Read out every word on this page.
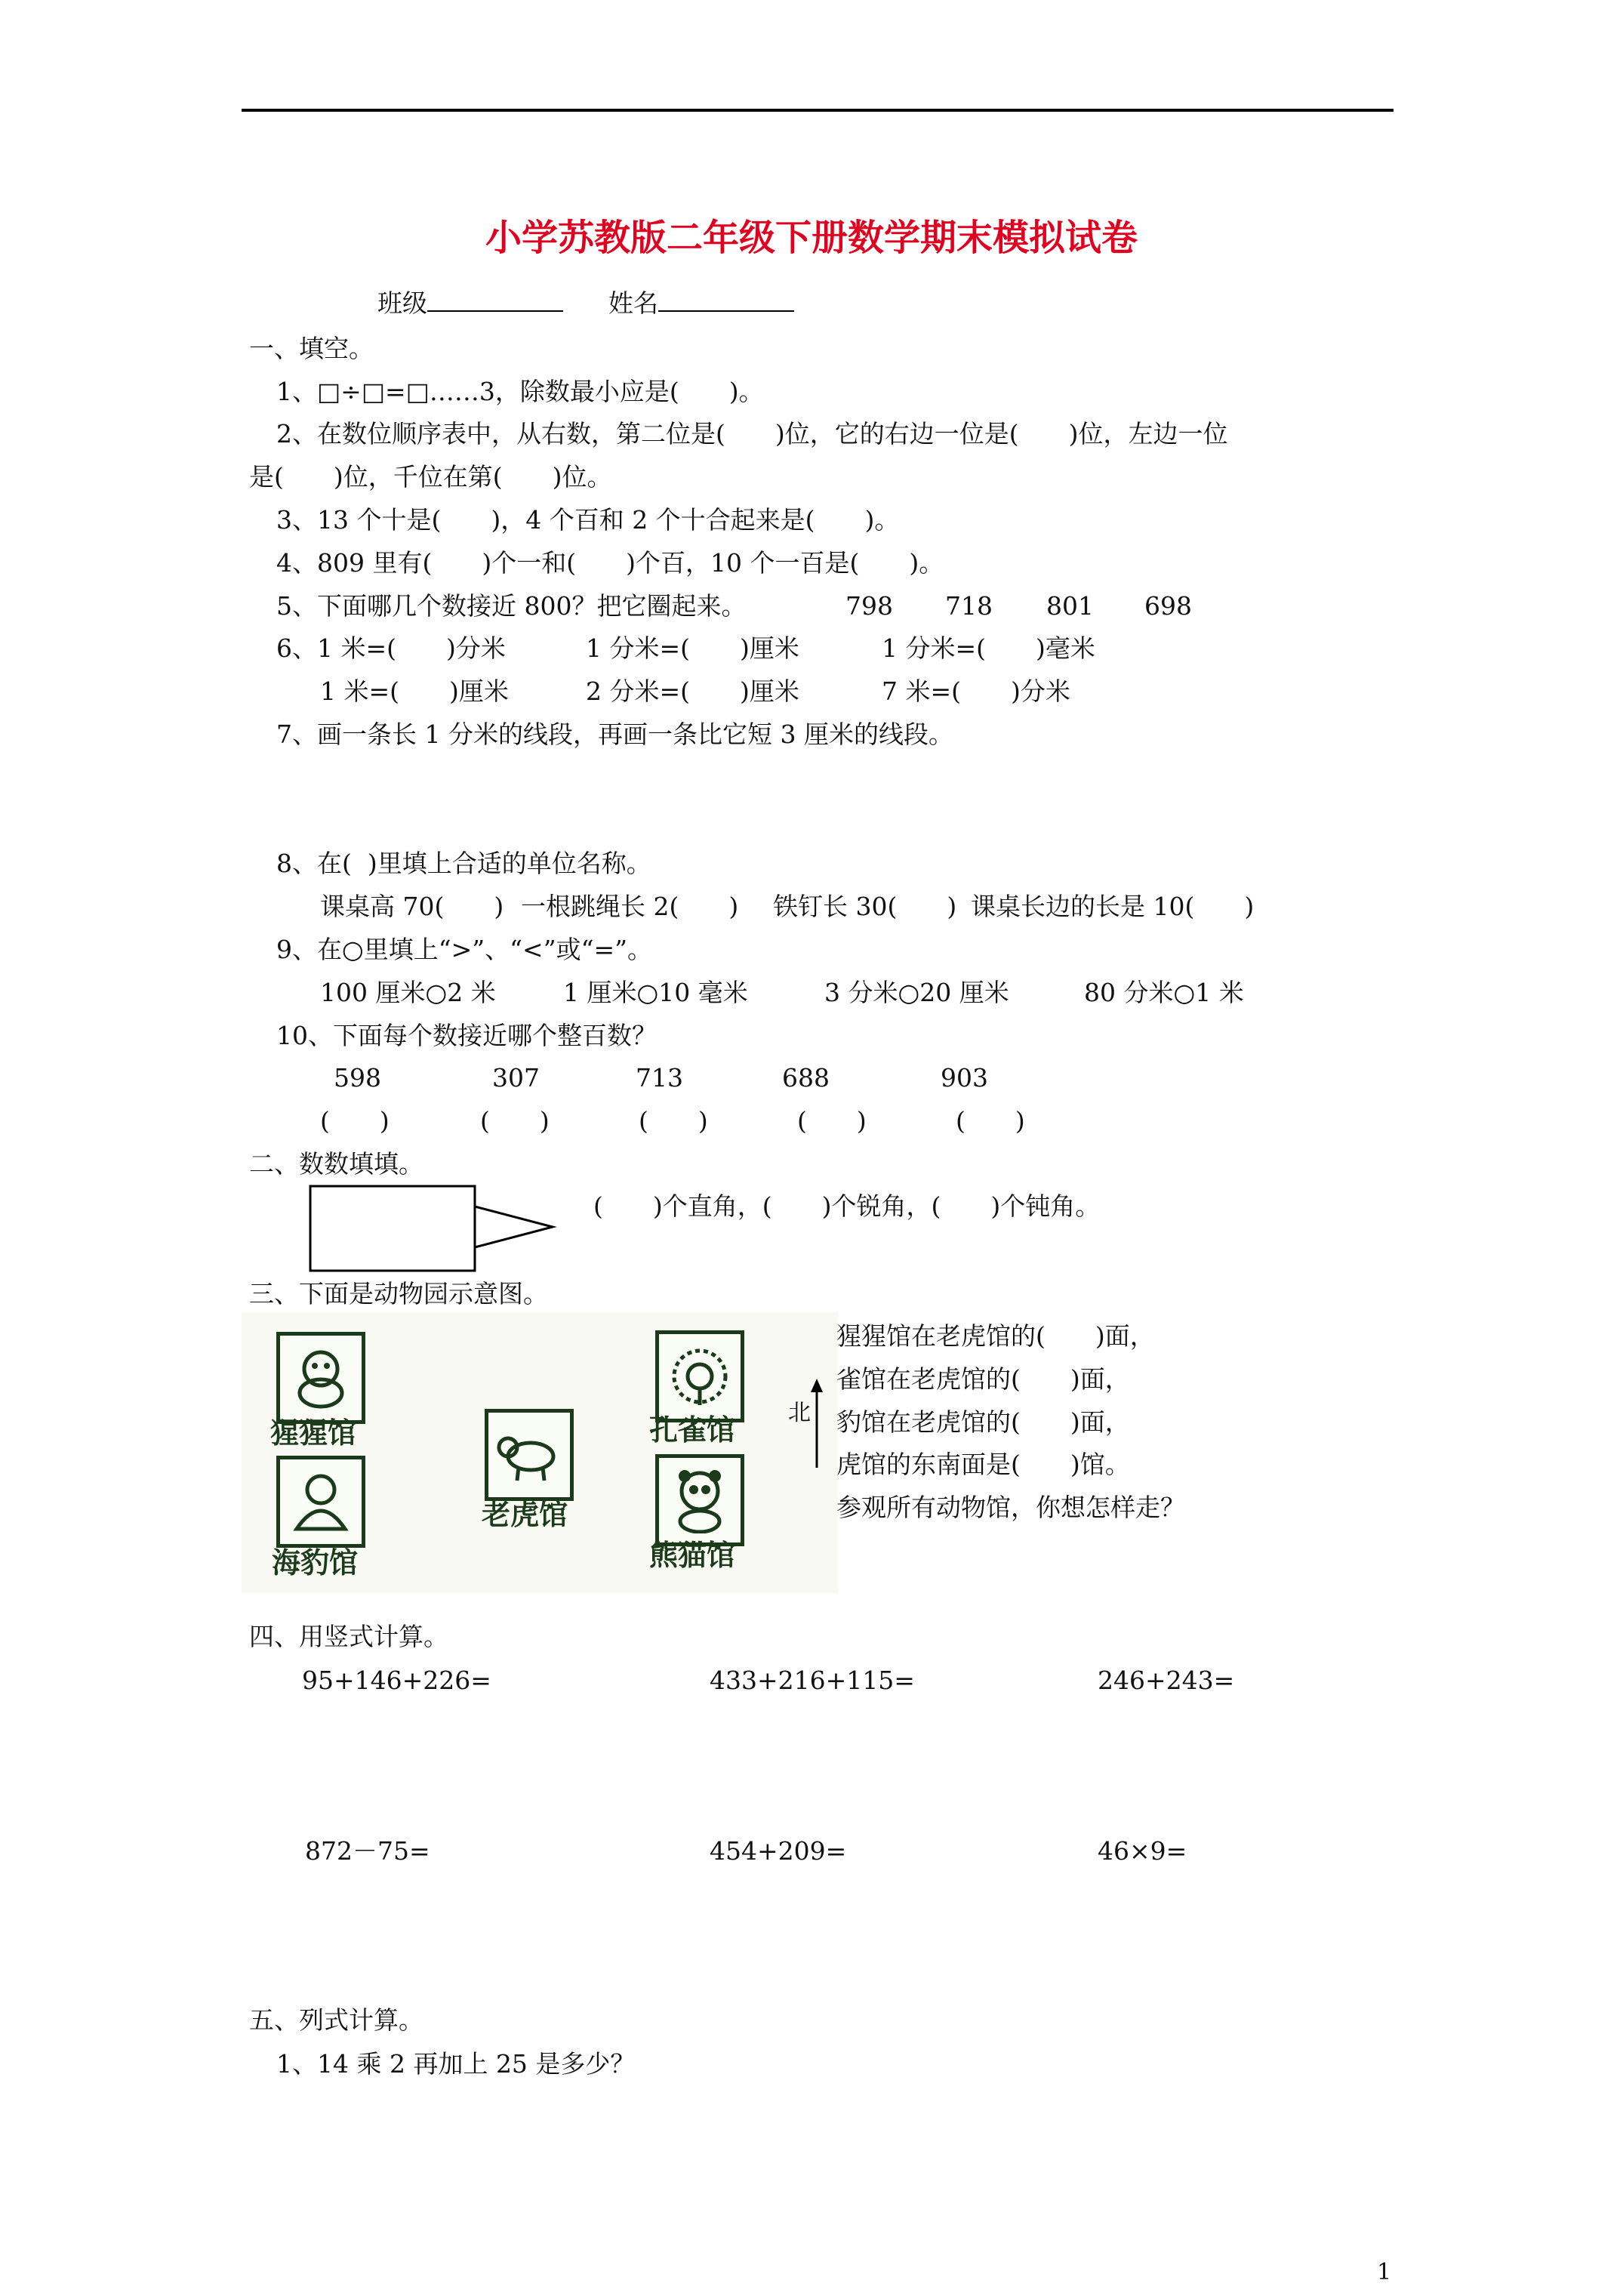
小学苏教版二年级下册数学期末模拟试卷
班级	姓名
一、填空。
1、□÷□=□……3，除数最小应是(　　)。
2、在数位顺序表中，从右数，第二位是(　　)位，它的右边一位是(　　)位，左边一位
是(　　)位，千位在第(　　)位。
3、13 个十是(　　)，4 个百和 2 个十合起来是(　　)。
4、809 里有(　　)个一和(　　)个百，10 个一百是(　　)。
5、下面哪几个数接近 800？把它圈起来。	798 718 801 698
6、1 米=(　　)分米	1 分米=(　　)厘米	1 分米=(　　)毫米
1 米=(　　)厘米	2 分米=(　　)厘米	7 米=(　　)分米
7、画一条长 1 分米的线段，再画一条比它短 3 厘米的线段。
8、在(  )里填上合适的单位名称。
课桌高 70(　　) 一根跳绳长 2(　　) 铁钉长 30(　　) 课桌长边的长是 10(　　)
9、在○里填上“>”、“<”或“=”。
100 厘米○2 米	1 厘米○10 毫米	3 分米○20 厘米	80 分米○1 米
10、下面每个数接近哪个整百数？
598	307	713	688	903
(　　)	(　　)	(　　)	(　　)	(　　)
二、数数填填。
(　　)个直角，(　　)个锐角，(　　)个钝角。
三、下面是动物园示意图。
猩猩馆	孔雀馆
老虎馆
海豹馆	熊猫馆
北
猩猩馆在老虎馆的(　　)面，
雀馆在老虎馆的(　　)面，
豹馆在老虎馆的(　　)面，
虎馆的东南面是(　　)馆。
参观所有动物馆，你想怎样走？
四、用竖式计算。
95+146+226=	433+216+115=	246+243=
872－75=	454+209=	46×9=
五、列式计算。
1、14 乘 2 再加上 25 是多少？
1
